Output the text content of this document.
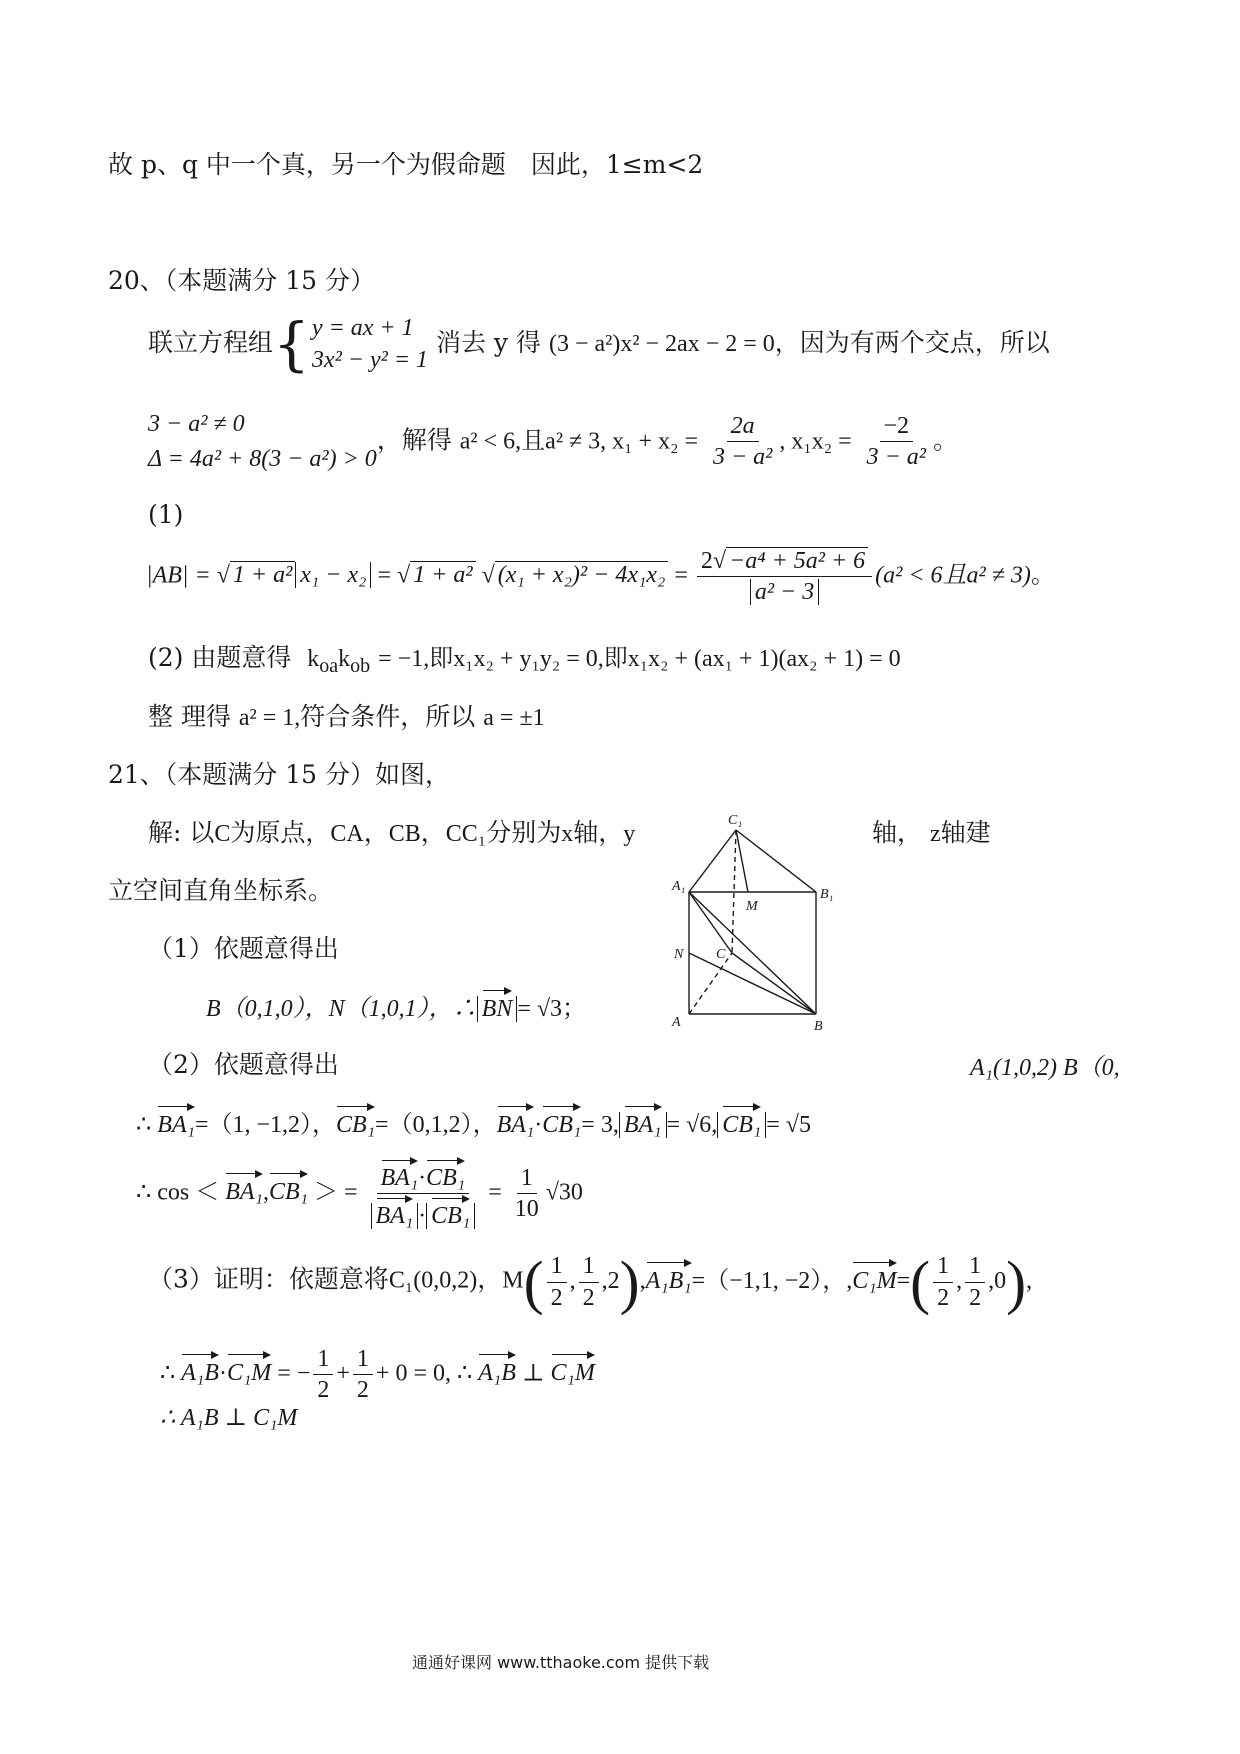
故 p、q 中一个真，另一个为假命题　因此，1≤m<2
20、（本题满分 15 分）
联立方程组{ y = ax + 1
3x² − y² = 1
消去 y 得 (3 − a²)x² − 2ax − 2 = 0，因为有两个交点，所以
3 − a² ≠ 0
Δ = 4a² + 8(3 − a²) > 0
，解得 a² < 6,且a² ≠ 3, $x_1 + x_2 = \frac{2a}{\text{3 − a²}}$ , $x_1x_2 = \frac{-2}{\text{3 − a²}}$ 。
(1)
|AB| = √ 1 + a² x₁ − x₂ = √ 1 + a² √ $(x_1 + x_2)^2 - 4x_1x_2 = \frac{\text{2√ −a⁴ + 5a² + 6}}{\text{a² − 3}} (a^2 < 6$且a² ≠ 3)。
(2) 由题意得 $k_{oa}k_{ob} = -1$,即x₁x₂ + y₁y₂ = 0,即x₁x₂ + (ax₁ + 1)(ax₂ + 1) = 0
整 理得 a² = 1,符合条件，所以 a = ±1
21、（本题满分 15 分）如图，
解: 以C为原点，CA，CB，CC₁分别为x轴，y	轴， z轴建
立空间直角坐标系。
C₁
A₁
B₁
M
N C
A	B
（1）依题意得出
B（0,1,0），N（1,0,1），∴ BN = √3；
（2）依题意得出	A₁(1,0,2) B（0,
∴ BA₁=（1, −1,2），CB₁=（0,1,2），BA₁·CB₁= 3, BA₁ = √6, CB₁ = √5
∴ cos ＜ BA₁,CB₁ ＞ = $\frac{\text{BA₁·CB₁}}{\text{BA₁ · CB₁}} = \frac{1}{10} √30$
（3）证明：依题意将C₁(0,0,2)，$M( \frac{1}{2}$ , $\frac{1}{2} ,2),A_1B_1=(-1,1$, −2），$,C_1M=( \frac{1}{2}$ , $\frac{1}{2} ,0$),
∴ A₁B·C₁M = − $\frac{1}{2} + \frac{1}{2} + 0 = 0$, ∴ A₁B ⊥ C₁M
∴ A₁B ⊥ C₁M
通通好课网 www.tthaoke.com 提供下载
